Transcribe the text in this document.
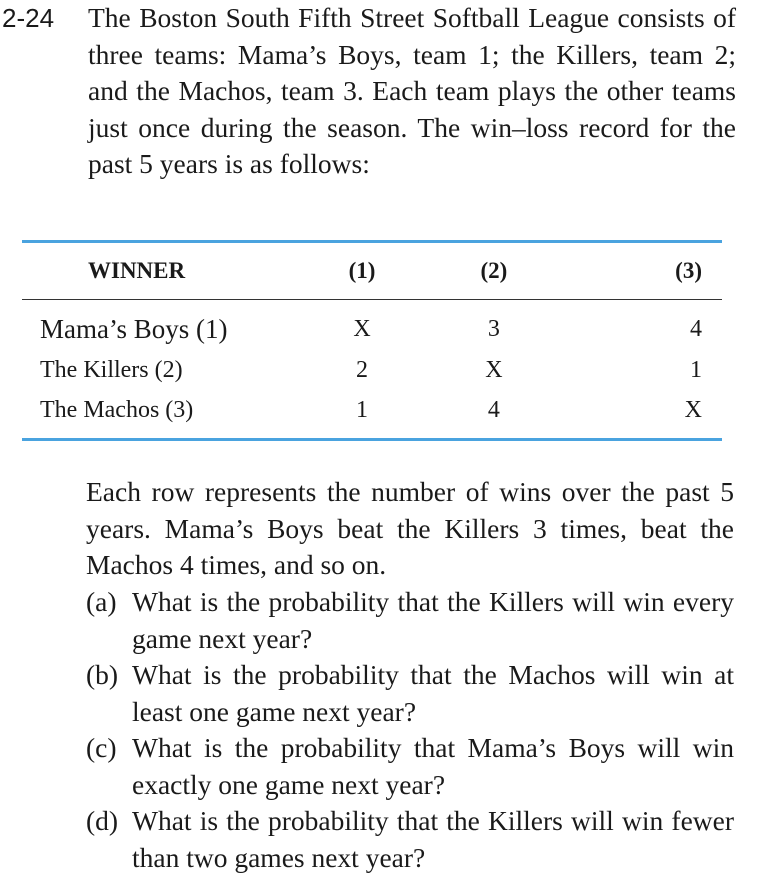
2-24 The Boston South Fifth Street Softball League consists of three teams: Mama’s Boys, team 1; the Killers, team 2; and the Machos, team 3. Each team plays the other teams just once during the season. The win–loss record for the past 5 years is as follows:

WINNER	(1)	(2)	(3)
Mama’s Boys (1)	X	3	4
The Killers (2)	2	X	1
The Machos (3)	1	4	X

Each row represents the number of wins over the past 5 years. Mama’s Boys beat the Killers 3 times, beat the Machos 4 times, and so on.

(a) What is the probability that the Killers will win every game next year?
(b) What is the probability that the Machos will win at least one game next year?
(c) What is the probability that Mama’s Boys will win exactly one game next year?
(d) What is the probability that the Killers will win fewer than two games next year?
